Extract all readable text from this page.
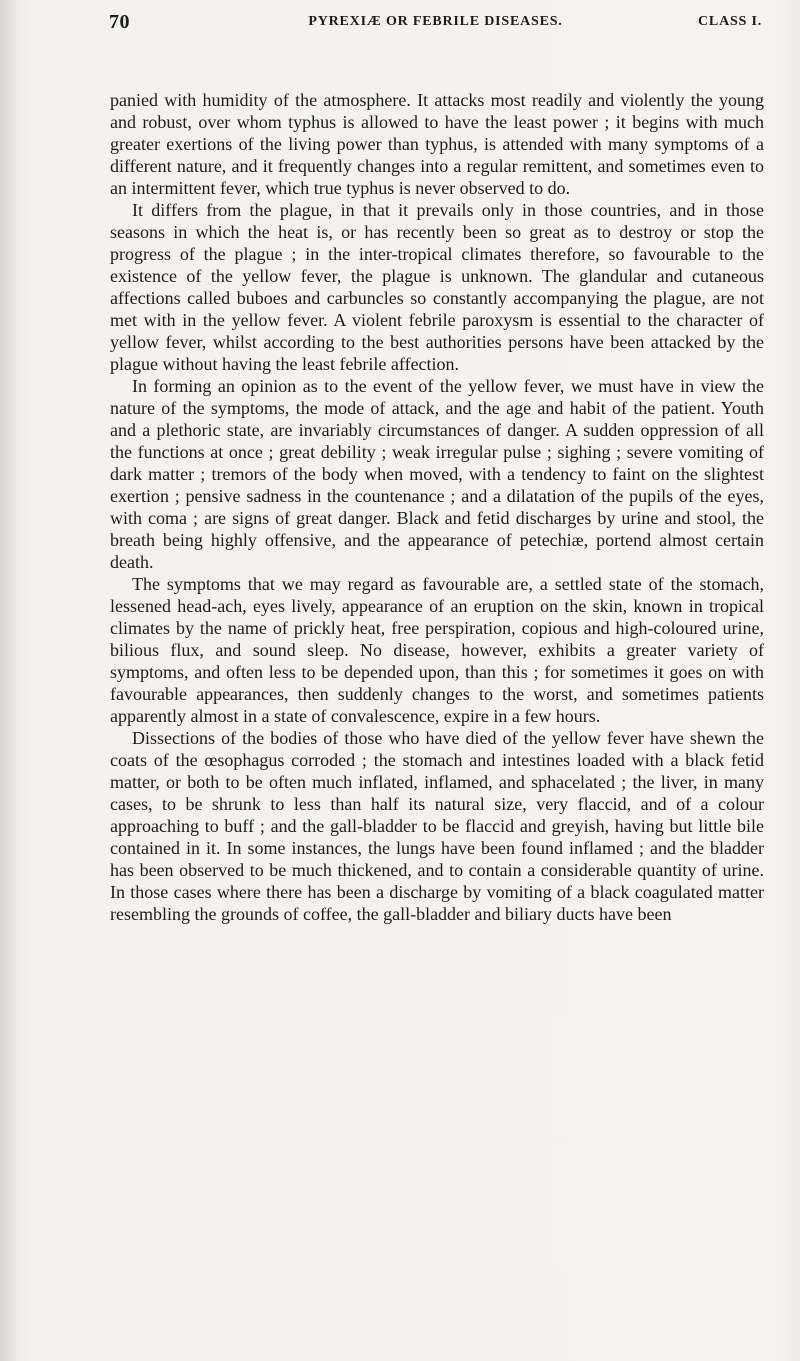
70	PYREXIÆ OR FEBRILE DISEASES.	CLASS I.

panied with humidity of the atmosphere. It attacks most readily and violently the young and robust, over whom typhus is allowed to have the least power ; it begins with much greater exertions of the living power than typhus, is attended with many symptoms of a different nature, and it frequently changes into a regular remittent, and sometimes even to an intermittent fever, which true typhus is never observed to do.

It differs from the plague, in that it prevails only in those countries, and in those seasons in which the heat is, or has recently been so great as to destroy or stop the progress of the plague ; in the inter-tropical climates therefore, so favourable to the existence of the yellow fever, the plague is unknown. The glandular and cutaneous affections called buboes and carbuncles so constantly accompanying the plague, are not met with in the yellow fever. A violent febrile paroxysm is essential to the character of yellow fever, whilst according to the best authorities persons have been attacked by the plague without having the least febrile affection.

In forming an opinion as to the event of the yellow fever, we must have in view the nature of the symptoms, the mode of attack, and the age and habit of the patient. Youth and a plethoric state, are invariably circumstances of danger. A sudden oppression of all the functions at once ; great debility ; weak irregular pulse ; sighing ; severe vomiting of dark matter ; tremors of the body when moved, with a tendency to faint on the slightest exertion ; pensive sadness in the countenance ; and a dilatation of the pupils of the eyes, with coma ; are signs of great danger. Black and fetid discharges by urine and stool, the breath being highly offensive, and the appearance of petechiæ, portend almost certain death.

The symptoms that we may regard as favourable are, a settled state of the stomach, lessened head-ach, eyes lively, appearance of an eruption on the skin, known in tropical climates by the name of prickly heat, free perspiration, copious and high-coloured urine, bilious flux, and sound sleep. No disease, however, exhibits a greater variety of symptoms, and often less to be depended upon, than this ; for sometimes it goes on with favourable appearances, then suddenly changes to the worst, and sometimes patients apparently almost in a state of convalescence, expire in a few hours.

Dissections of the bodies of those who have died of the yellow fever have shewn the coats of the œsophagus corroded ; the stomach and intestines loaded with a black fetid matter, or both to be often much inflated, inflamed, and sphacelated ; the liver, in many cases, to be shrunk to less than half its natural size, very flaccid, and of a colour approaching to buff ; and the gall-bladder to be flaccid and greyish, having but little bile contained in it. In some instances, the lungs have been found inflamed ; and the bladder has been observed to be much thickened, and to contain a considerable quantity of urine. In those cases where there has been a discharge by vomiting of a black coagulated matter resembling the grounds of coffee, the gall-bladder and biliary ducts have been
